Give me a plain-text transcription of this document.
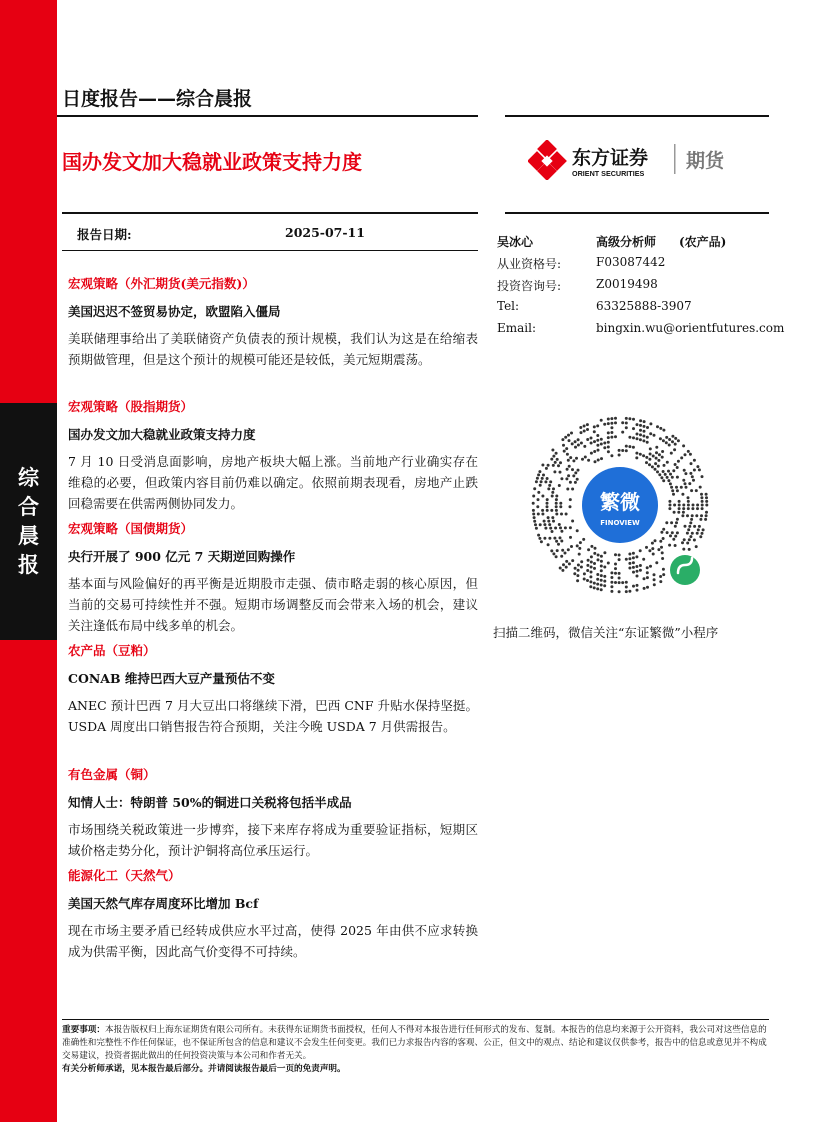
综合晨报
日度报告——综合晨报
国办发文加大稳就业政策支持力度	东方证券
ORIENT SECURITIES
期货
报告日期:	2025-07-11
吴冰心	高级分析师 (农产品)
从业资格号:	F03087442
投资咨询号:	Z0019498
Tel:	63325888-3907
Email:	bingxin.wu@orientfutures.com
繁微
FINOVIEW
扫描二维码，微信关注“东证繁微”小程序
宏观策略（外汇期货(美元指数)）
美国迟迟不签贸易协定，欧盟陷入僵局
美联储理事给出了美联储资产负债表的预计规模，我们认为这是在给缩表预期做管理，但是这个预计的规模可能还是较低，美元短期震荡。
宏观策略（股指期货）
国办发文加大稳就业政策支持力度
7 月 10 日受消息面影响，房地产板块大幅上涨。当前地产行业确实存在维稳的必要，但政策内容目前仍难以确定。依照前期表现看，房地产止跌回稳需要在供需两侧协同发力。
宏观策略（国债期货）
央行开展了 900 亿元 7 天期逆回购操作
基本面与风险偏好的再平衡是近期股市走强、债市略走弱的核心原因，但当前的交易可持续性并不强。短期市场调整反而会带来入场的机会，建议关注逢低布局中线多单的机会。
农产品（豆粕）
CONAB 维持巴西大豆产量预估不变
ANEC 预计巴西 7 月大豆出口将继续下滑，巴西 CNF 升贴水保持坚挺。USDA 周度出口销售报告符合预期，关注今晚 USDA 7 月供需报告。
有色金属（铜）
知情人士：特朗普 50%的铜进口关税将包括半成品
市场围绕关税政策进一步博弈，接下来库存将成为重要验证指标，短期区域价格走势分化，预计沪铜将高位承压运行。
能源化工（天然气）
美国天然气库存周度环比增加 Bcf
现在市场主要矛盾已经转成供应水平过高，使得 2025 年由供不应求转换成为供需平衡，因此高气价变得不可持续。
重要事项：本报告版权归上海东证期货有限公司所有。未获得东证期货书面授权，任何人不得对本报告进行任何形式的发布、复制。本报告的信息均来源于公开资料，我公司对这些信息的准确性和完整性不作任何保证，也不保证所包含的信息和建议不会发生任何变更。我们已力求报告内容的客观、公正，但文中的观点、结论和建议仅供参考，报告中的信息或意见并不构成交易建议，投资者据此做出的任何投资决策与本公司和作者无关。
有关分析师承诺，见本报告最后部分。并请阅读报告最后一页的免责声明。
